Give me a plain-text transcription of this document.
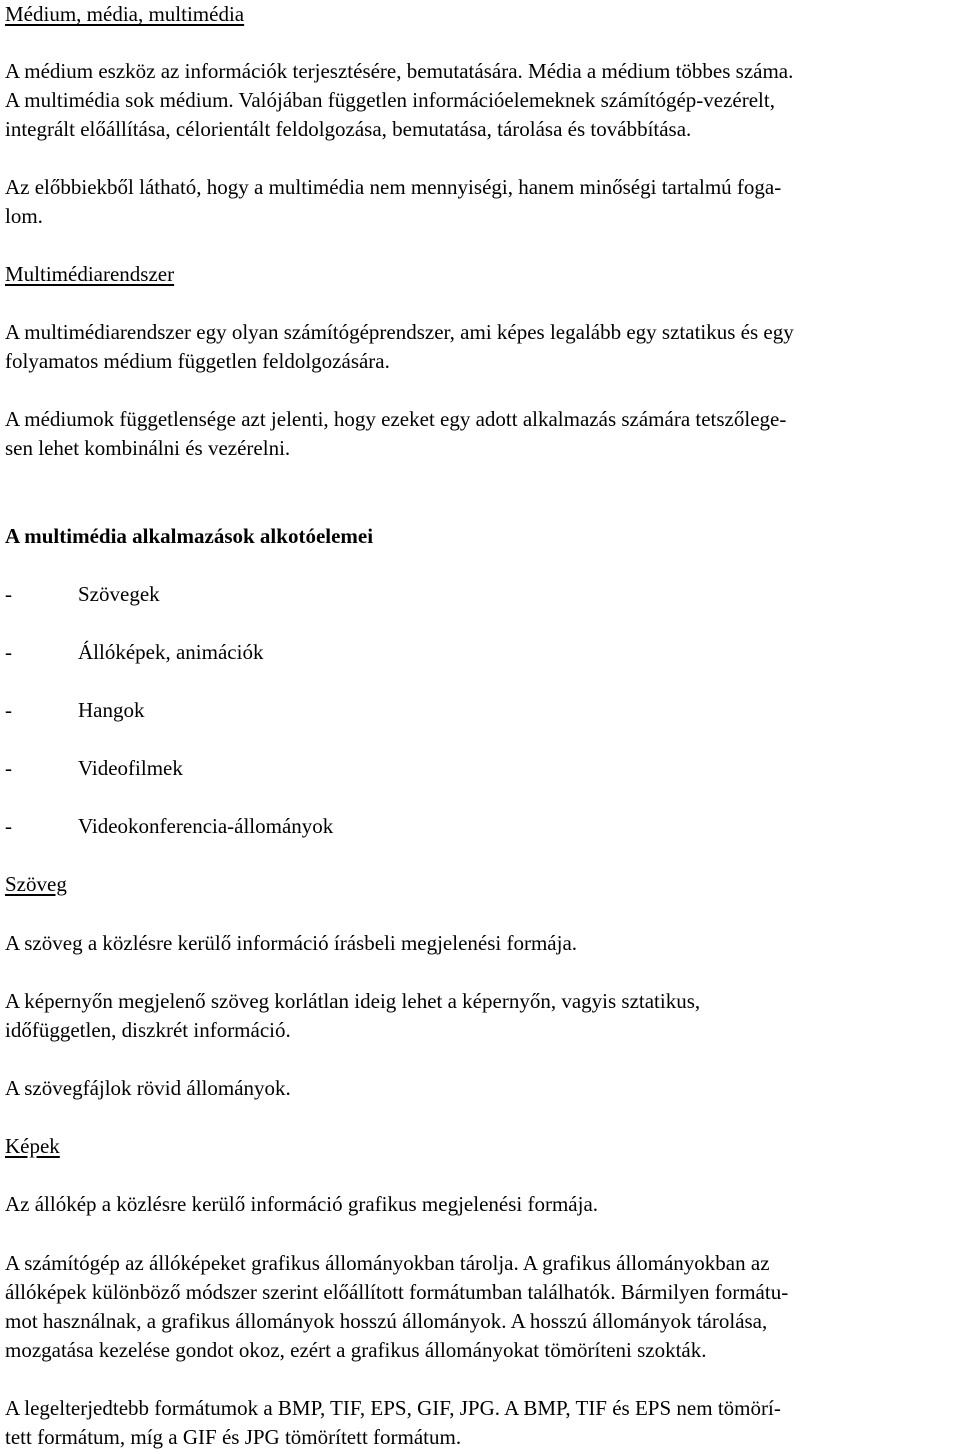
Médium, média, multimédia
A médium eszköz az információk terjesztésére, bemutatására. Média a médium többes száma.
A multimédia sok médium. Valójában független információelemeknek számítógép-vezérelt,
integrált előállítása, célorientált feldolgozása, bemutatása, tárolása és továbbítása.
Az előbbiekből látható, hogy a multimédia nem mennyiségi, hanem minőségi tartalmú foga-
lom.
Multimédiarendszer
A multimédiarendszer egy olyan számítógéprendszer, ami képes legalább egy sztatikus és egy
folyamatos médium független feldolgozására.
A médiumok függetlensége azt jelenti, hogy ezeket egy adott alkalmazás számára tetszőlege-
sen lehet kombinálni és vezérelni.
A multimédia alkalmazások alkotóelemei
-	Szövegek
-	Állóképek, animációk
-	Hangok
-	Videofilmek
-	Videokonferencia-állományok
Szöveg
A szöveg a közlésre kerülő információ írásbeli megjelenési formája.
A képernyőn megjelenő szöveg korlátlan ideig lehet a képernyőn, vagyis sztatikus,
időfüggetlen, diszkrét információ.
A szövegfájlok rövid állományok.
Képek
Az állókép a közlésre kerülő információ grafikus megjelenési formája.
A számítógép az állóképeket grafikus állományokban tárolja. A grafikus állományokban az
állóképek különböző módszer szerint előállított formátumban találhatók. Bármilyen formátu-
mot használnak, a grafikus állományok hosszú állományok. A hosszú állományok tárolása,
mozgatása kezelése gondot okoz, ezért a grafikus állományokat tömöríteni szokták.
A legelterjedtebb formátumok a BMP, TIF, EPS, GIF, JPG. A BMP, TIF és EPS nem tömörí-
tett formátum, míg a GIF és JPG tömörített formátum.
